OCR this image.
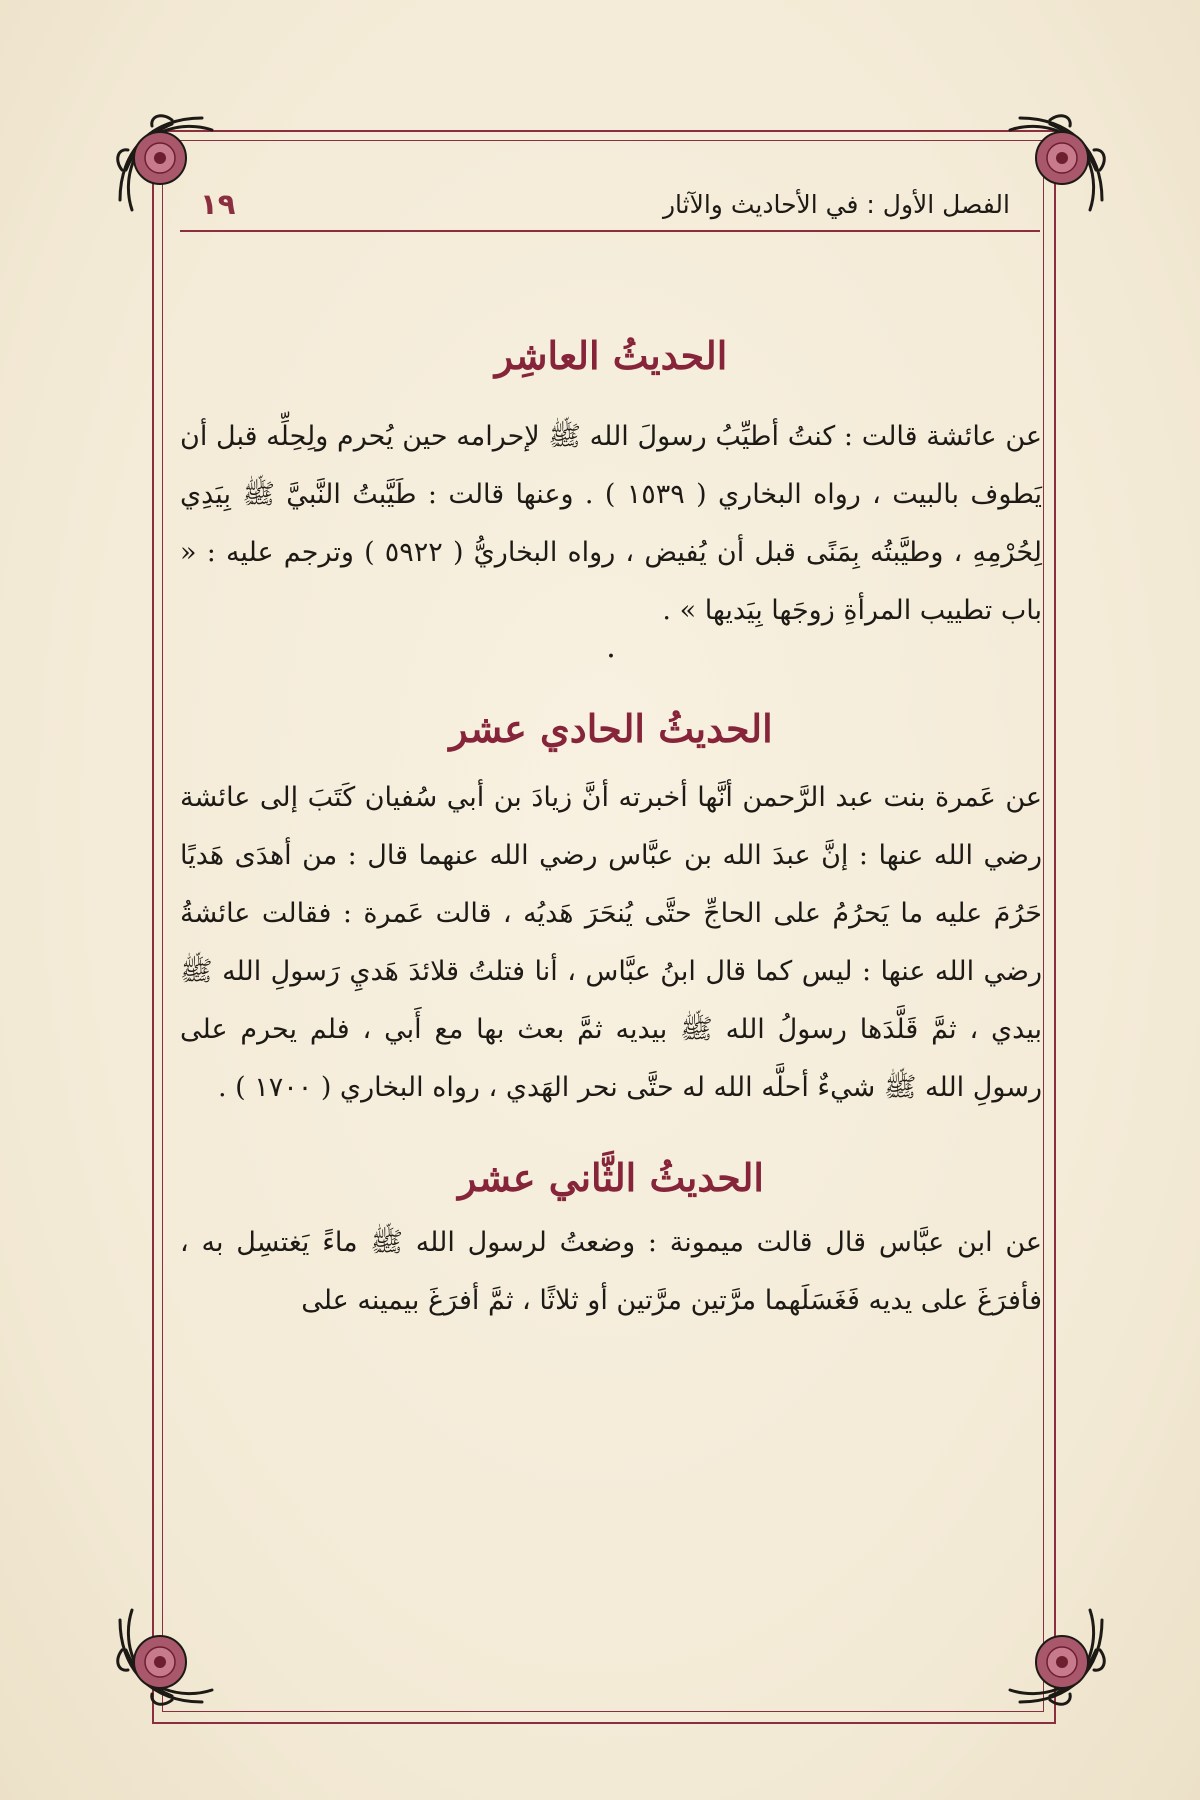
الفصل الأول : في الأحاديث والآثار
١٩
الحديثُ العاشِر

عن عائشة قالت : كنتُ أطيِّبُ رسولَ الله ﷺ لإحرامه حين يُحرم ولِحِلِّه قبل أن يَطوف بالبيت ، رواه البخاري ( ١٥٣٩ ) . وعنها قالت : طَيَّبتُ النَّبيَّ ﷺ بِيَدِي لِحُرْمِهِ ، وطيَّبتُه بِمَنًى قبل أن يُفيض ، رواه البخاريُّ ( ٥٩٢٢ ) وترجم عليه : « باب تطييب المرأةِ زوجَها بِيَديها » .

·
الحديثُ الحادي عشر

عن عَمرة بنت عبد الرَّحمن أنَّها أخبرته أنَّ زيادَ بن أبي سُفيان كَتَبَ إلى عائشة رضي الله عنها : إنَّ عبدَ الله بن عبَّاس رضي الله عنهما قال : من أهدَى هَديًا حَرُمَ عليه ما يَحرُمُ على الحاجِّ حتَّى يُنحَرَ هَديُه ، قالت عَمرة : فقالت عائشةُ رضي الله عنها : ليس كما قال ابنُ عبَّاس ، أنا فتلتُ قلائدَ هَديِ رَسولِ الله ﷺ بيدي ، ثمَّ قَلَّدَها رسولُ الله ﷺ بيديه ثمَّ بعث بها مع أَبي ، فلم يحرم على رسولِ الله ﷺ شيءٌ أحلَّه الله له حتَّى نحر الهَدي ، رواه البخاري ( ١٧٠٠ ) .

الحديثُ الثَّاني عشر

عن ابن عبَّاس قال قالت ميمونة : وضعتُ لرسول الله ﷺ ماءً يَغتسِل به ، فأفرَغَ على يديه فَغَسَلَهما مرَّتين مرَّتين أو ثلاثًا ، ثمَّ أفرَغَ بيمينه على
